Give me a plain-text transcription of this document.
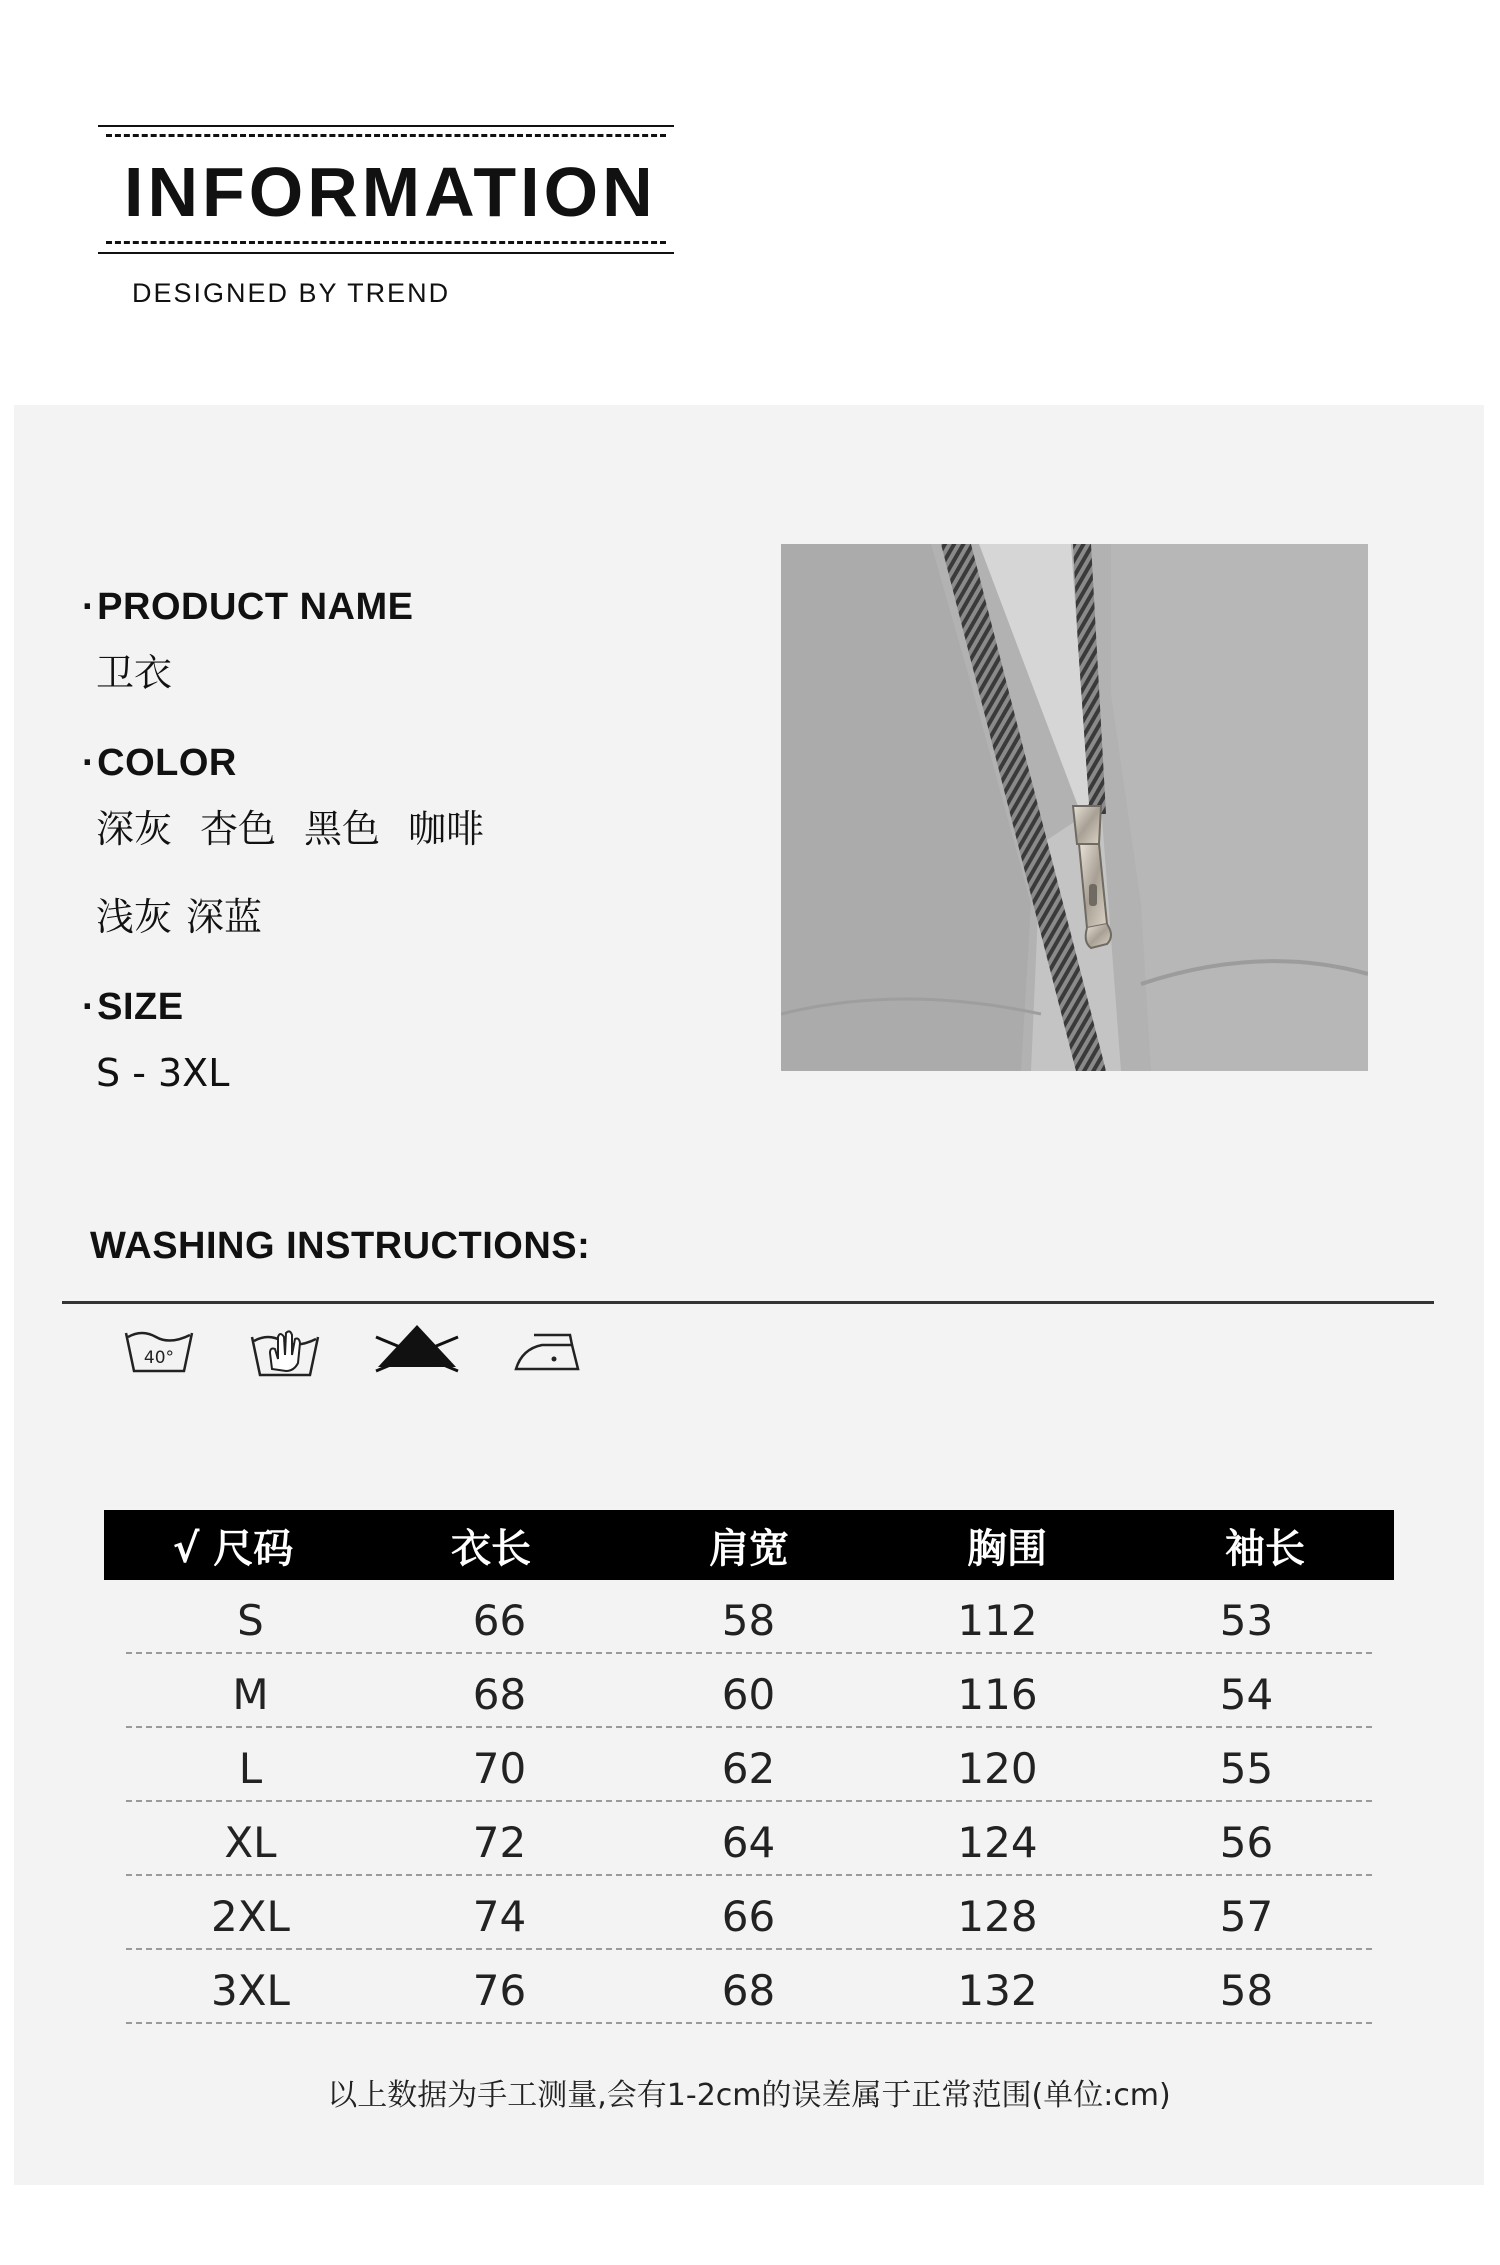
INFORMATION
DESIGNED BY TREND
·PRODUCT NAME
卫衣
·COLOR
深灰 杏色 黑色 咖啡
浅灰 深蓝
·SIZE
S - 3XL
WASHING INSTRUCTIONS:
40°
√ 尺码	衣长	肩宽	胸围	袖长
S	66	58	112	53
M	68	60	116	54
L	70	62	120	55
XL	72	64	124	56
2XL	74	66	128	57
3XL	76	68	132	58
以上数据为手工测量,会有1-2cm的误差属于正常范围(单位:cm)
